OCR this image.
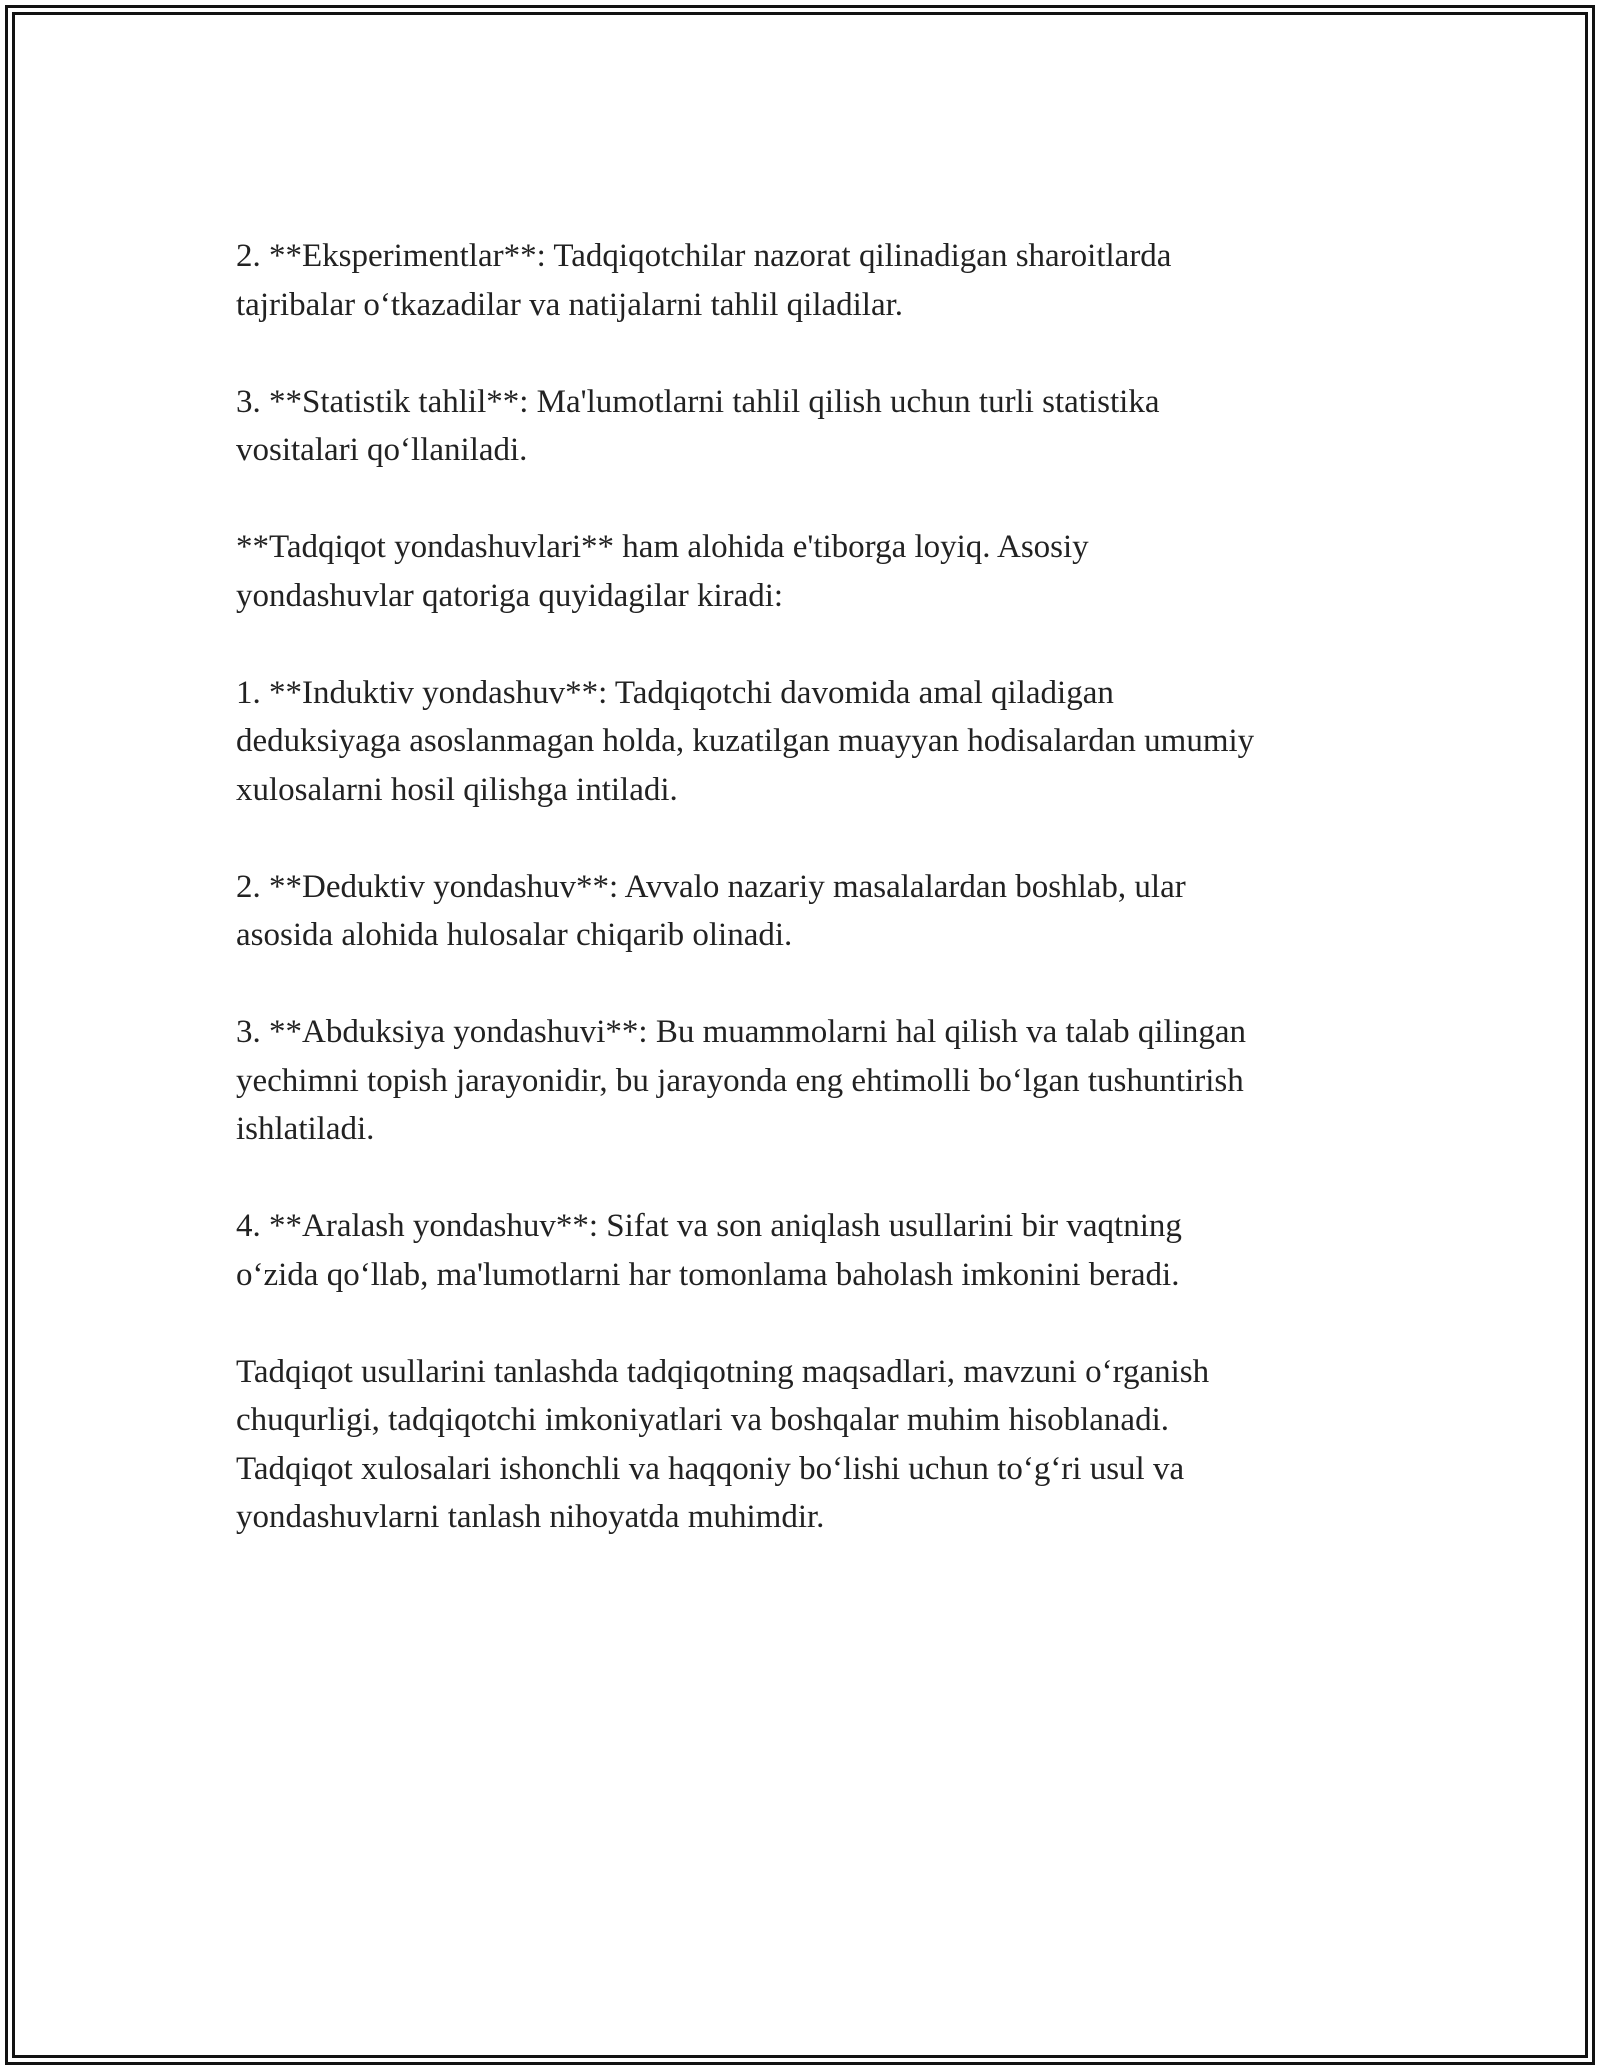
2. **Eksperimentlar**: Tadqiqotchilar nazorat qilinadigan sharoitlarda
tajribalar o‘tkazadilar va natijalarni tahlil qiladilar.

3. **Statistik tahlil**: Ma'lumotlarni tahlil qilish uchun turli statistika
vositalari qo‘llaniladi.

**Tadqiqot yondashuvlari** ham alohida e'tiborga loyiq. Asosiy
yondashuvlar qatoriga quyidagilar kiradi:

1. **Induktiv yondashuv**: Tadqiqotchi davomida amal qiladigan
deduksiyaga asoslanmagan holda, kuzatilgan muayyan hodisalardan umumiy
xulosalarni hosil qilishga intiladi.

2. **Deduktiv yondashuv**: Avvalo nazariy masalalardan boshlab, ular
asosida alohida hulosalar chiqarib olinadi.

3. **Abduksiya yondashuvi**: Bu muammolarni hal qilish va talab qilingan
yechimni topish jarayonidir, bu jarayonda eng ehtimolli bo‘lgan tushuntirish
ishlatiladi.

4. **Aralash yondashuv**: Sifat va son aniqlash usullarini bir vaqtning
o‘zida qo‘llab, ma'lumotlarni har tomonlama baholash imkonini beradi.

Tadqiqot usullarini tanlashda tadqiqotning maqsadlari, mavzuni o‘rganish
chuqurligi, tadqiqotchi imkoniyatlari va boshqalar muhim hisoblanadi.
Tadqiqot xulosalari ishonchli va haqqoniy bo‘lishi uchun to‘g‘ri usul va
yondashuvlarni tanlash nihoyatda muhimdir.
